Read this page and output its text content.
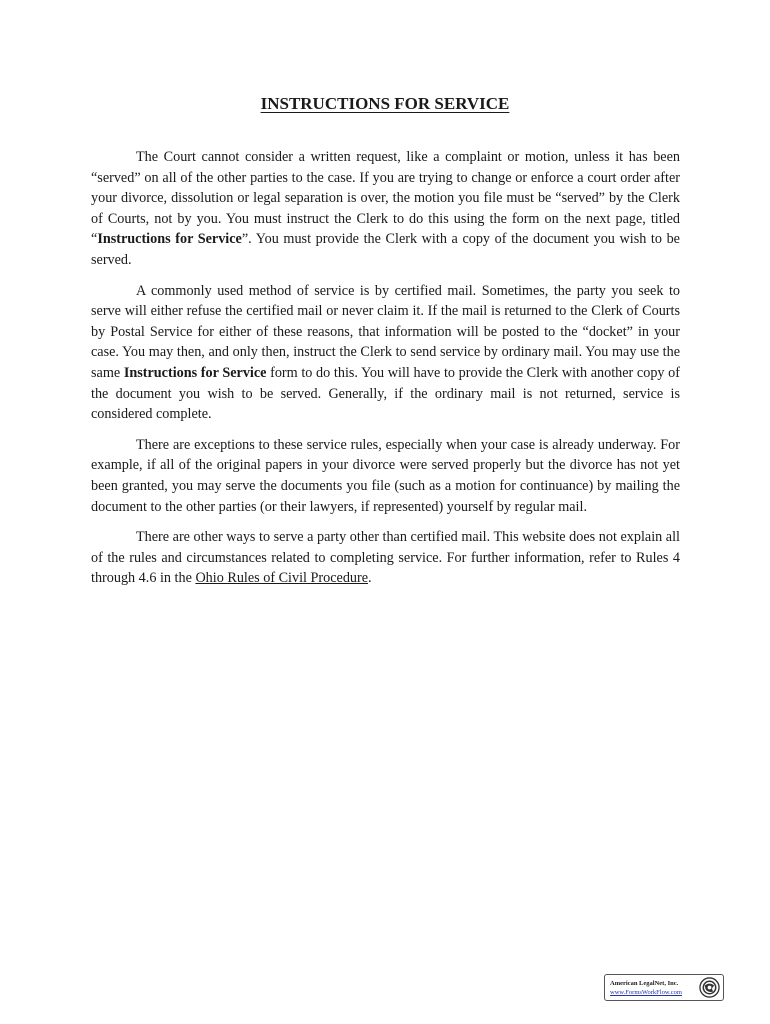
INSTRUCTIONS FOR SERVICE

The Court cannot consider a written request, like a complaint or motion, unless it has been “served” on all of the other parties to the case. If you are trying to change or enforce a court order after your divorce, dissolution or legal separation is over, the motion you file must be “served” by the Clerk of Courts, not by you. You must instruct the Clerk to do this using the form on the next page, titled “Instructions for Service”. You must provide the Clerk with a copy of the document you wish to be served.

A commonly used method of service is by certified mail. Sometimes, the party you seek to serve will either refuse the certified mail or never claim it. If the mail is returned to the Clerk of Courts by Postal Service for either of these reasons, that information will be posted to the “docket” in your case. You may then, and only then, instruct the Clerk to send service by ordinary mail. You may use the same Instructions for Service form to do this. You will have to provide the Clerk with another copy of the document you wish to be served. Generally, if the ordinary mail is not returned, service is considered complete.

There are exceptions to these service rules, especially when your case is already underway. For example, if all of the original papers in your divorce were served properly but the divorce has not yet been granted, you may serve the documents you file (such as a motion for continuance) by mailing the document to the other parties (or their lawyers, if represented) yourself by regular mail.

There are other ways to serve a party other than certified mail. This website does not explain all of the rules and circumstances related to completing service. For further information, refer to Rules 4 through 4.6 in the Ohio Rules of Civil Procedure.

American LegalNet, Inc.
www.FormsWorkFlow.com
